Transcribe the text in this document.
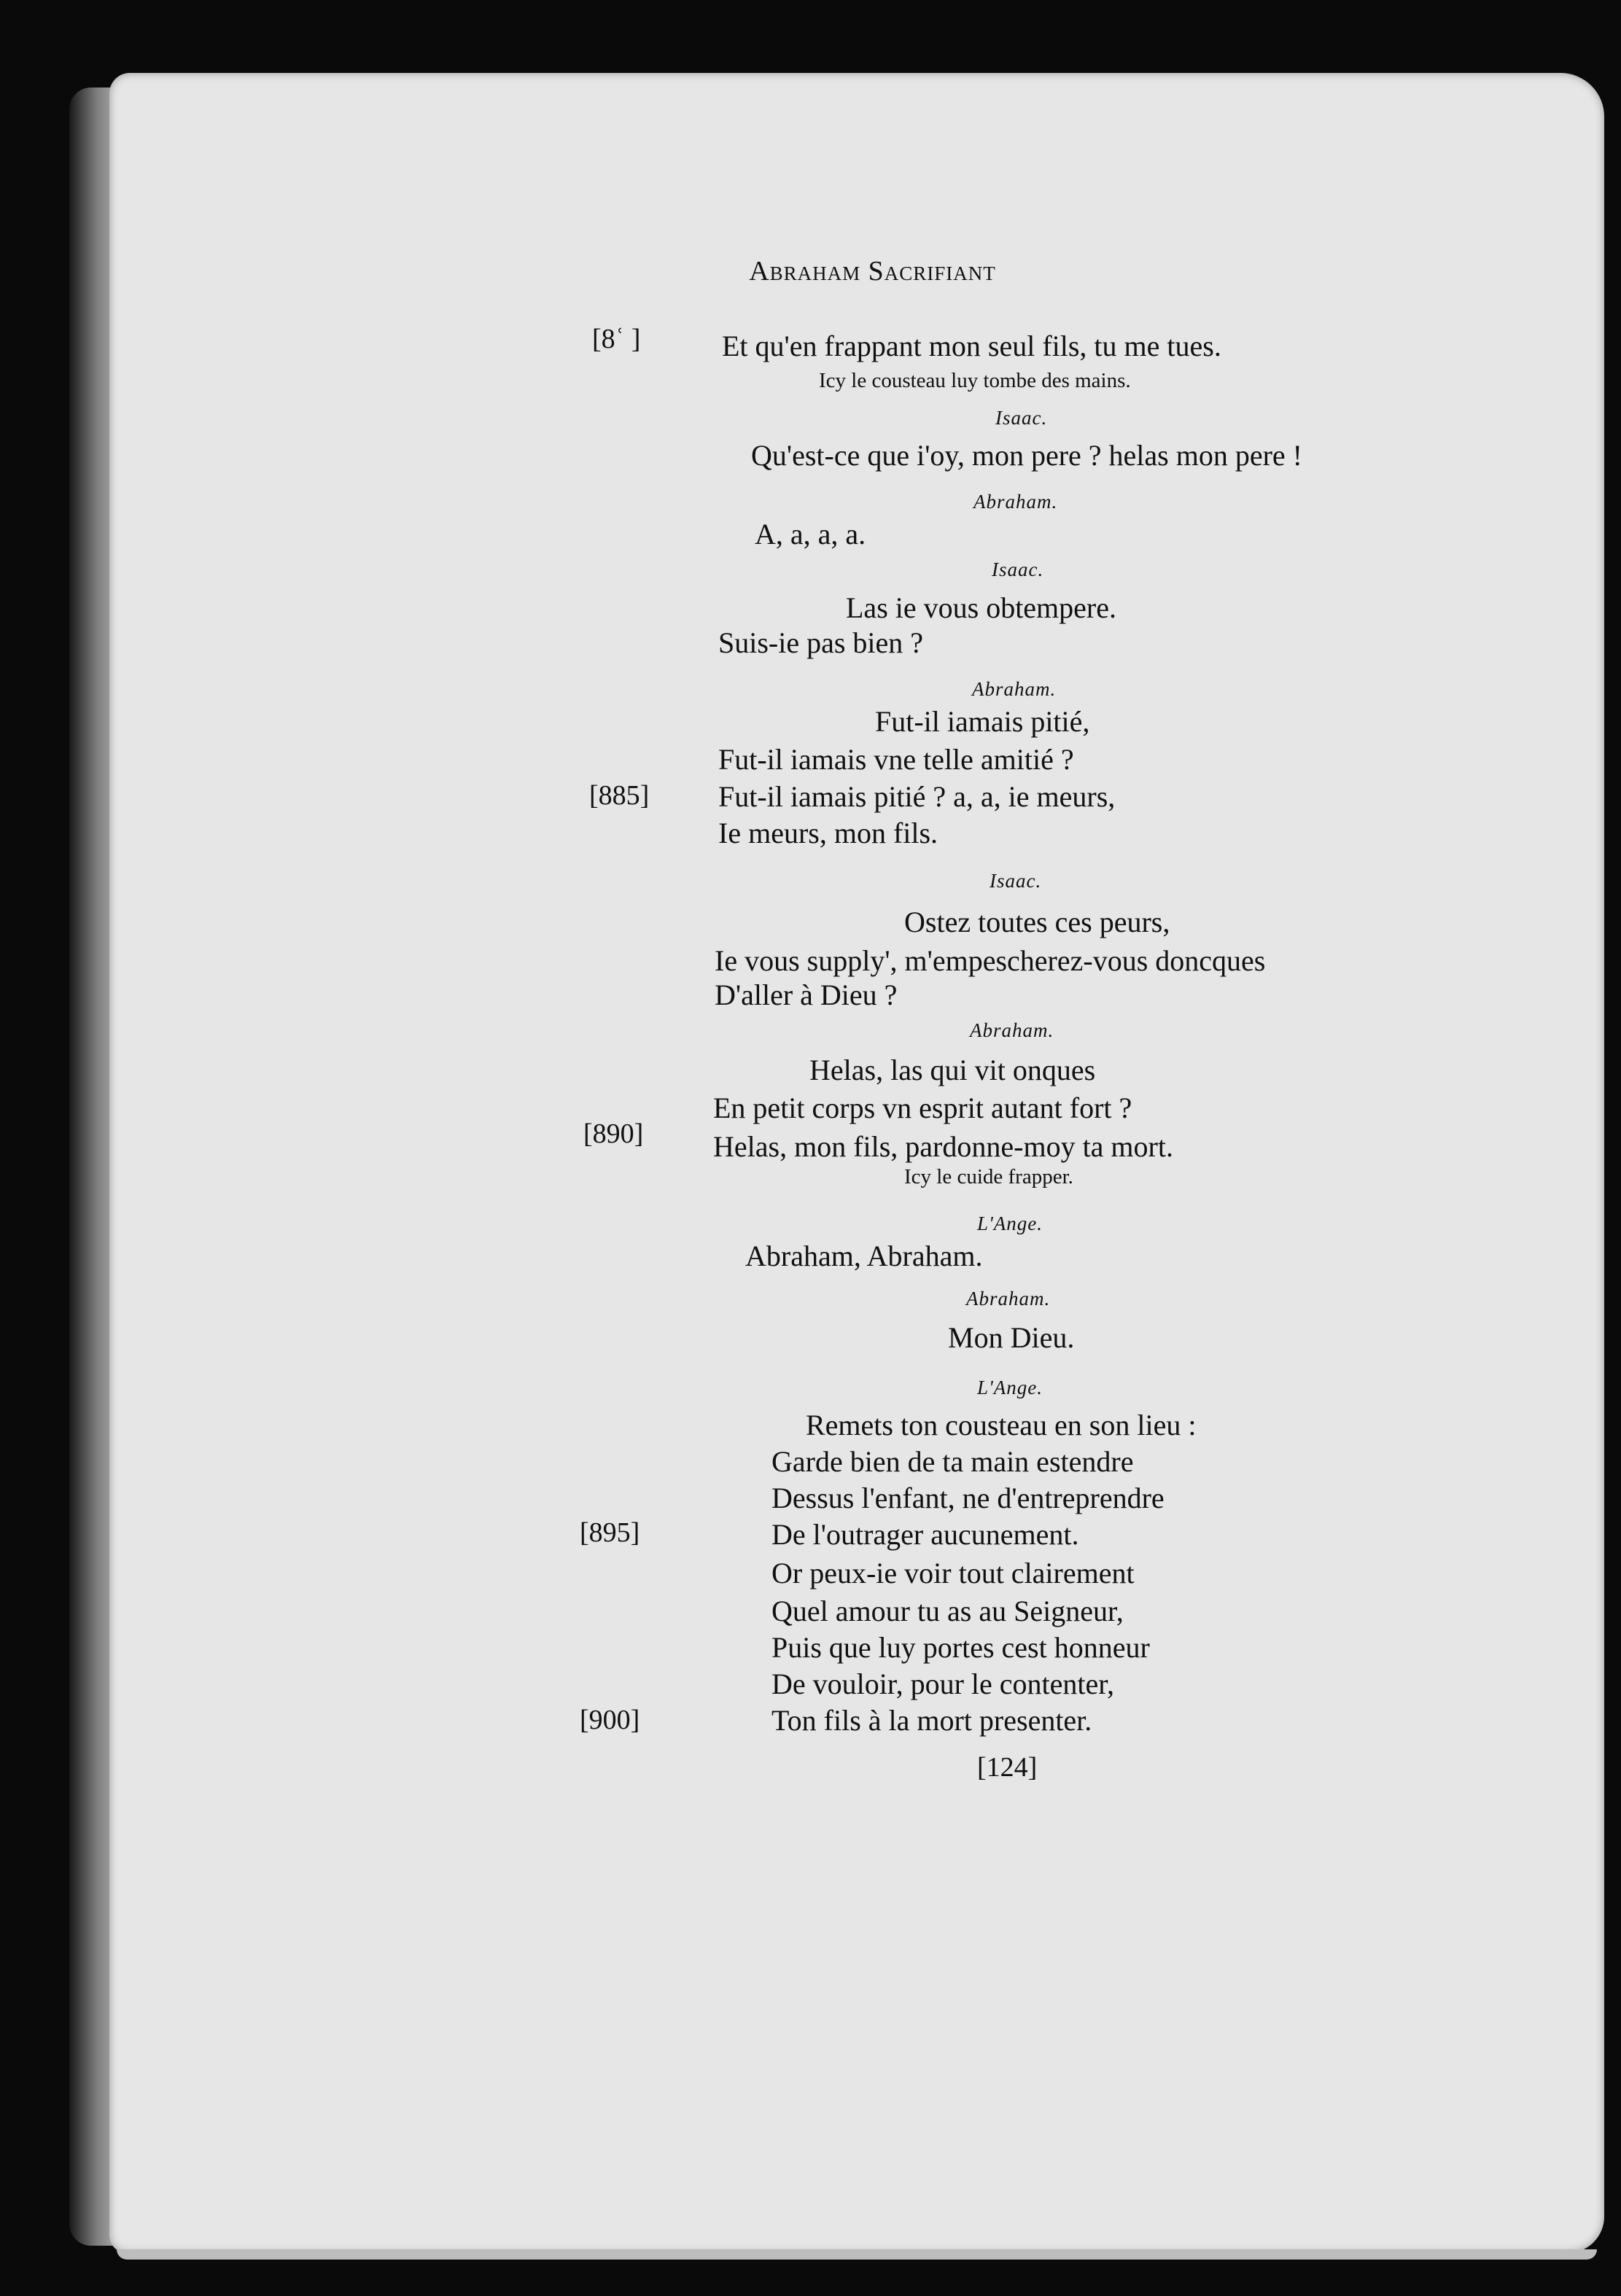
Abraham Sacrifiant
[8ʿ ]
[885]
[890]
[895]
[900]
Et qu'en frappant mon seul fils, tu me tues.
Icy le cousteau luy tombe des mains.
Isaac.
Qu'est-ce que i'oy, mon pere ? helas mon pere !
Abraham.
A, a, a, a.
Isaac.
Las ie vous obtempere.
Suis-ie pas bien ?
Abraham.
Fut-il iamais pitié,
Fut-il iamais vne telle amitié ?
Fut-il iamais pitié ? a, a, ie meurs,
Ie meurs, mon fils.
Isaac.
Ostez toutes ces peurs,
Ie vous supply', m'empescherez-vous doncques
D'aller à Dieu ?
Abraham.
Helas, las qui vit onques
En petit corps vn esprit autant fort ?
Helas, mon fils, pardonne-moy ta mort.
Icy le cuide frapper.
L'Ange.
Abraham, Abraham.
Abraham.
Mon Dieu.
L'Ange.
Remets ton cousteau en son lieu :
Garde bien de ta main estendre
Dessus l'enfant, ne d'entreprendre
De l'outrager aucunement.
Or peux-ie voir tout clairement
Quel amour tu as au Seigneur,
Puis que luy portes cest honneur
De vouloir, pour le contenter,
Ton fils à la mort presenter.
[124]
